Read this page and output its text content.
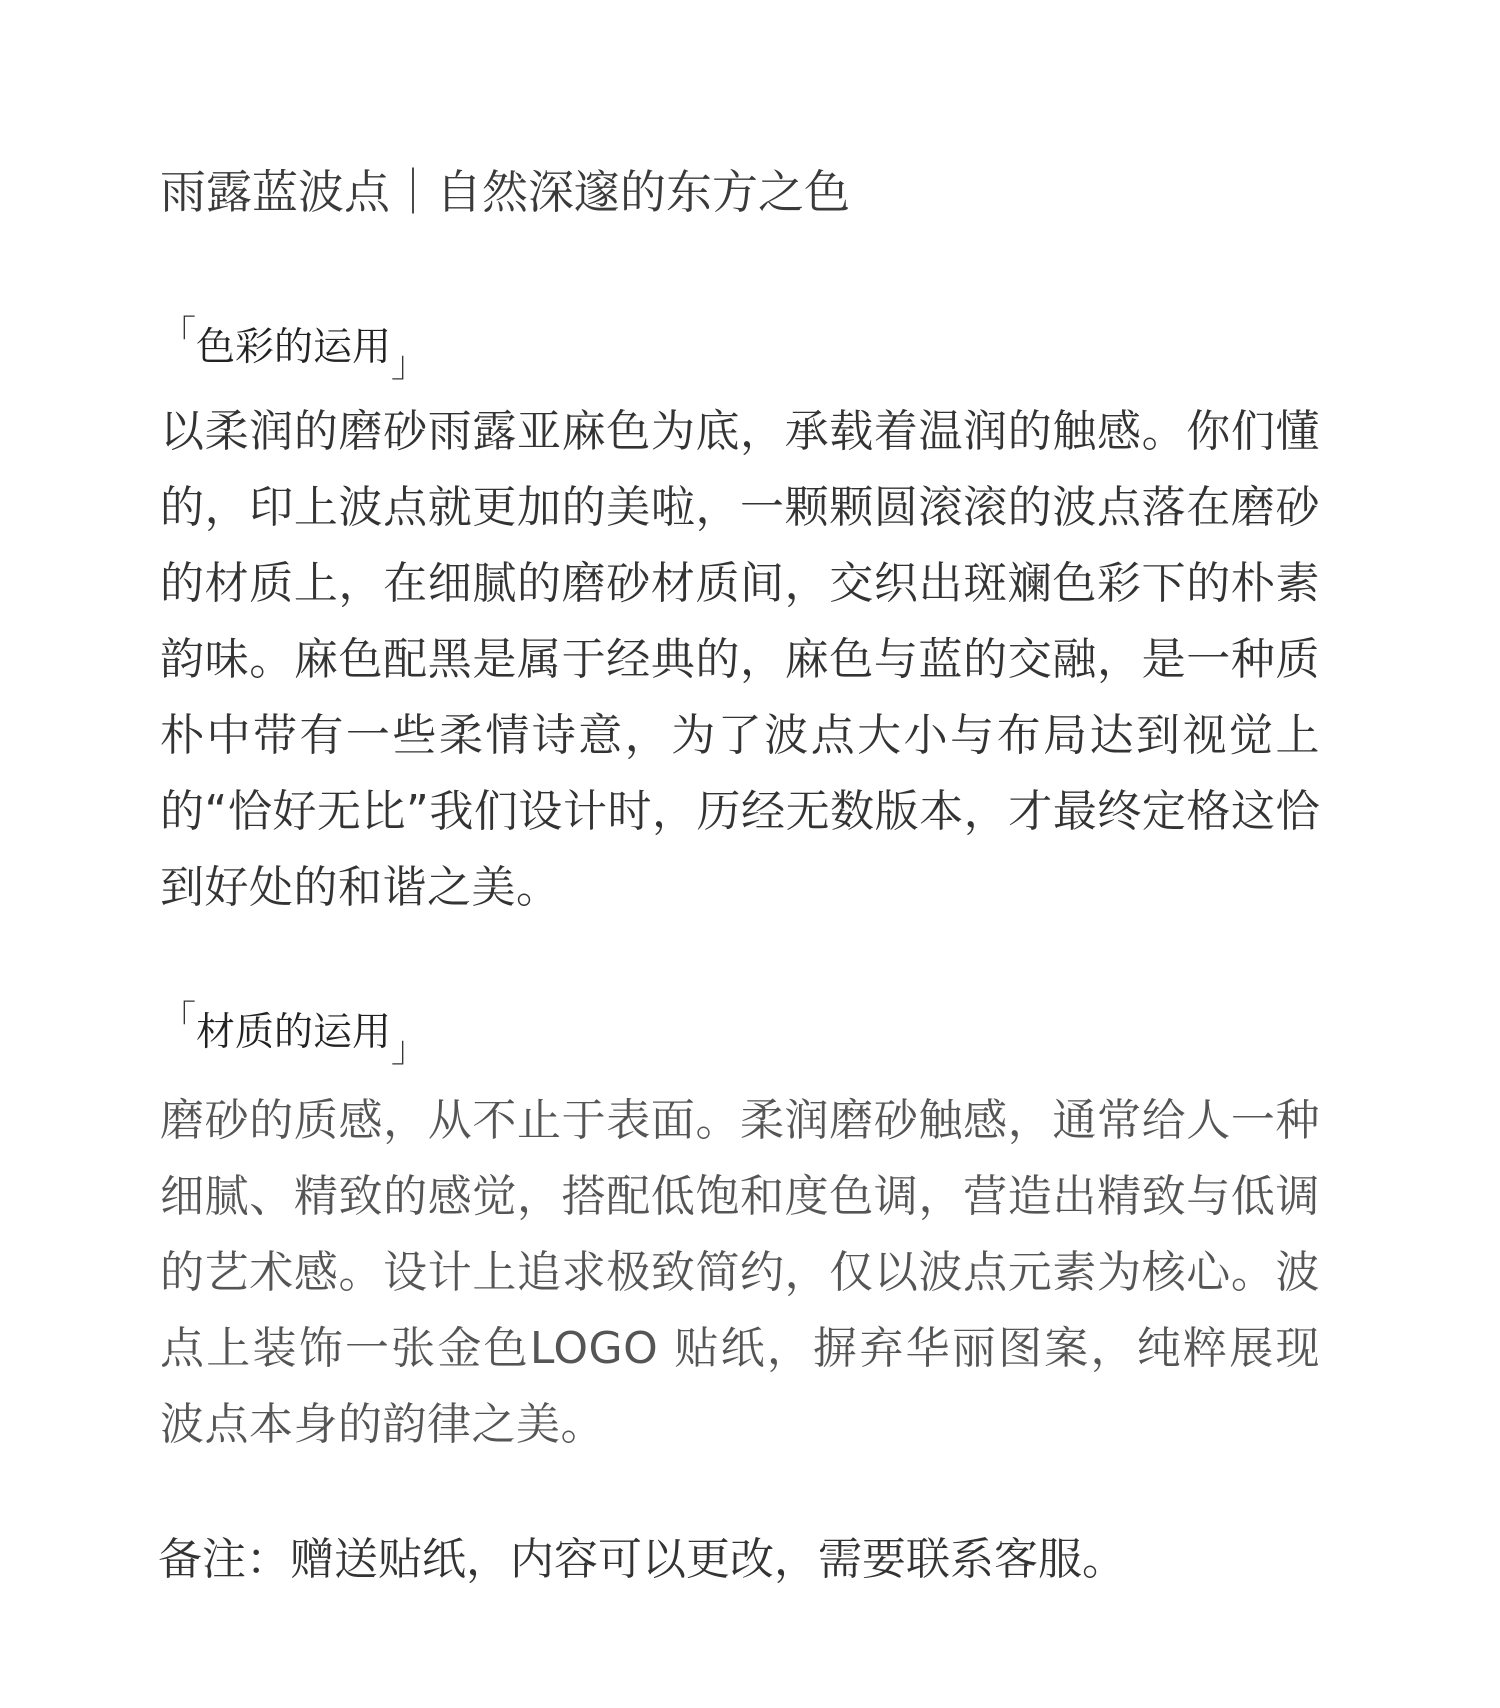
雨露蓝波点｜自然深邃的东方之色
「色彩的运用」

以柔润的磨砂雨露亚麻色为底，承载着温润的触感。你们懂的，印上波点就更加的美啦，一颗颗圆滚滚的波点落在磨砂的材质上，在细腻的磨砂材质间，交织出斑斓色彩下的朴素韵味。麻色配黑是属于经典的，麻色与蓝的交融，是一种质朴中带有一些柔情诗意，为了波点大小与布局达到视觉上的“恰好无比”我们设计时，历经无数版本，才最终定格这恰到好处的和谐之美。

「材质的运用」

磨砂的质感，从不止于表面。柔润磨砂触感，通常给人一种细腻、精致的感觉，搭配低饱和度色调，营造出精致与低调的艺术感。设计上追求极致简约，仅以波点元素为核心。波点上装饰一张金色LOGO 贴纸，摒弃华丽图案，纯粹展现波点本身的韵律之美。

备注：赠送贴纸，内容可以更改，需要联系客服。
